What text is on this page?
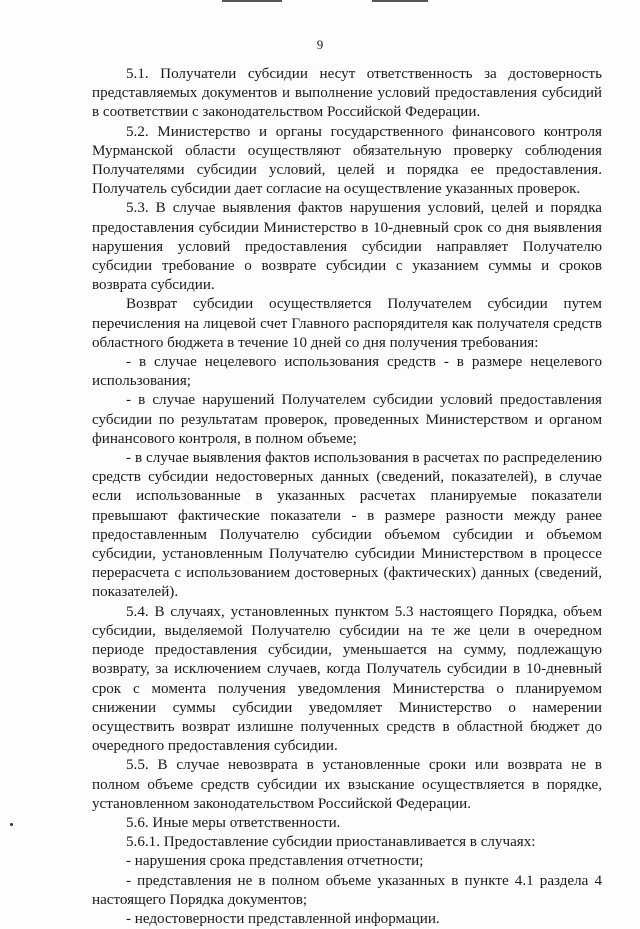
9

5.1. Получатели субсидии несут ответственность за достоверность представляемых документов и выполнение условий предоставления субсидий в соответствии с законодательством Российской Федерации.

5.2. Министерство и органы государственного финансового контроля Мурманской области осуществляют обязательную проверку соблюдения Получателями субсидии условий, целей и порядка ее предоставления. Получатель субсидии дает согласие на осуществление указанных проверок.

5.3. В случае выявления фактов нарушения условий, целей и порядка предоставления субсидии Министерство в 10-дневный срок со дня выявления нарушения условий предоставления субсидии направляет Получателю субсидии требование о возврате субсидии с указанием суммы и сроков возврата субсидии.

Возврат субсидии осуществляется Получателем субсидии путем перечисления на лицевой счет Главного распорядителя как получателя средств областного бюджета в течение 10 дней со дня получения требования:

- в случае нецелевого использования средств - в размере нецелевого использования;

- в случае нарушений Получателем субсидии условий предоставления субсидии по результатам проверок, проведенных Министерством и органом финансового контроля, в полном объеме;

- в случае выявления фактов использования в расчетах по распределению средств субсидии недостоверных данных (сведений, показателей), в случае если использованные в указанных расчетах планируемые показатели превышают фактические показатели - в размере разности между ранее предоставленным Получателю субсидии объемом субсидии и объемом субсидии, установленным Получателю субсидии Министерством в процессе перерасчета с использованием достоверных (фактических) данных (сведений, показателей).

5.4. В случаях, установленных пунктом 5.3 настоящего Порядка, объем субсидии, выделяемой Получателю субсидии на те же цели в очередном периоде предоставления субсидии, уменьшается на сумму, подлежащую возврату, за исключением случаев, когда Получатель субсидии в 10-дневный срок с момента получения уведомления Министерства о планируемом снижении суммы субсидии уведомляет Министерство о намерении осуществить возврат излишне полученных средств в областной бюджет до очередного предоставления субсидии.

5.5. В случае невозврата в установленные сроки или возврата не в полном объеме средств субсидии их взыскание осуществляется в порядке, установленном законодательством Российской Федерации.

5.6. Иные меры ответственности.

5.6.1. Предоставление субсидии приостанавливается в случаях:

- нарушения срока представления отчетности;

- представления не в полном объеме указанных в пункте 4.1 раздела 4 настоящего Порядка документов;

- недостоверности представленной информации.
